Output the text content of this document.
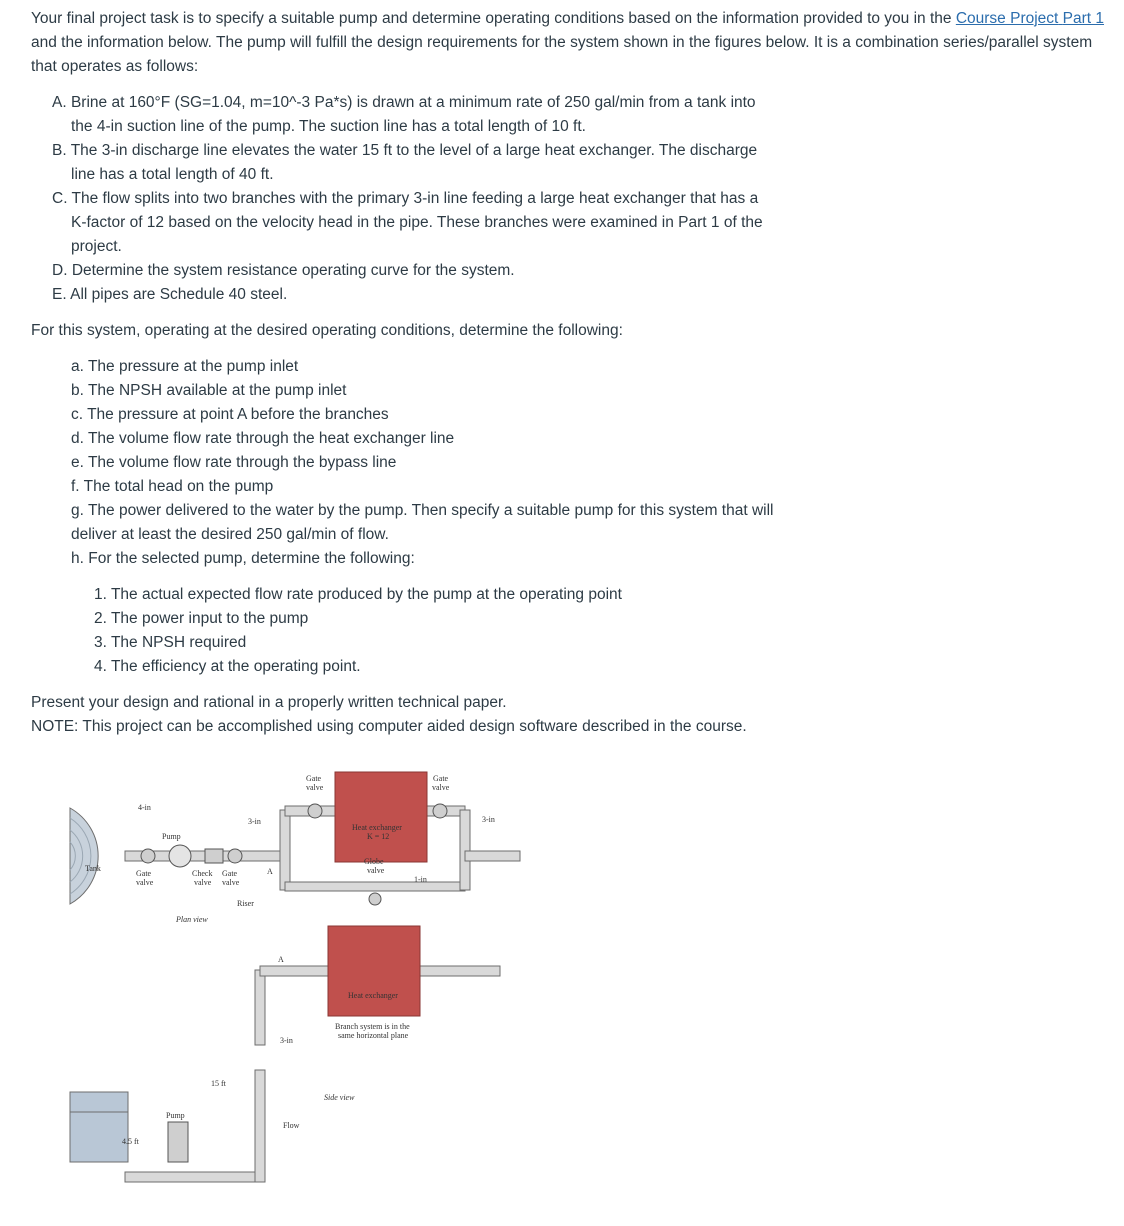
Your final project task is to specify a suitable pump and determine operating conditions based on the information provided to you in the Course Project Part 1 and the information below. The pump will fulfill the design requirements for the system shown in the figures below. It is a combination series/parallel system that operates as follows:

A. Brine at 160°F (SG=1.04, m=10^-3 Pa*s) is drawn at a minimum rate of 250 gal/min from a tank into the 4-in suction line of the pump. The suction line has a total length of 10 ft.
B. The 3-in discharge line elevates the water 15 ft to the level of a large heat exchanger. The discharge line has a total length of 40 ft.
C. The flow splits into two branches with the primary 3-in line feeding a large heat exchanger that has a K-factor of 12 based on the velocity head in the pipe. These branches were examined in Part 1 of the project.
D. Determine the system resistance operating curve for the system.
E. All pipes are Schedule 40 steel.

For this system, operating at the desired operating conditions, determine the following:

a. The pressure at the pump inlet
b. The NPSH available at the pump inlet
c. The pressure at point A before the branches
d. The volume flow rate through the heat exchanger line
e. The volume flow rate through the bypass line
f. The total head on the pump
g. The power delivered to the water by the pump. Then specify a suitable pump for this system that will deliver at least the desired 250 gal/min of flow.
h. For the selected pump, determine the following:
1. The actual expected flow rate produced by the pump at the operating point
2. The power input to the pump
3. The NPSH required
4. The efficiency at the operating point.
Present your design and rational in a properly written technical paper.
NOTE: This project can be accomplished using computer aided design software described in the course.
Tank
4-in
Pump
Gate
valve
Check
valve
Gate
valve
3-in
A
Riser
Plan view
Gate
valve
Gate
valve
Heat exchanger
K = 12
Globe
valve
1-in
3-in
4.5 ft
Pump
15 ft
3-in
A
Heat exchanger
Branch system is in the
same horizontal plane
Side view
Flow
